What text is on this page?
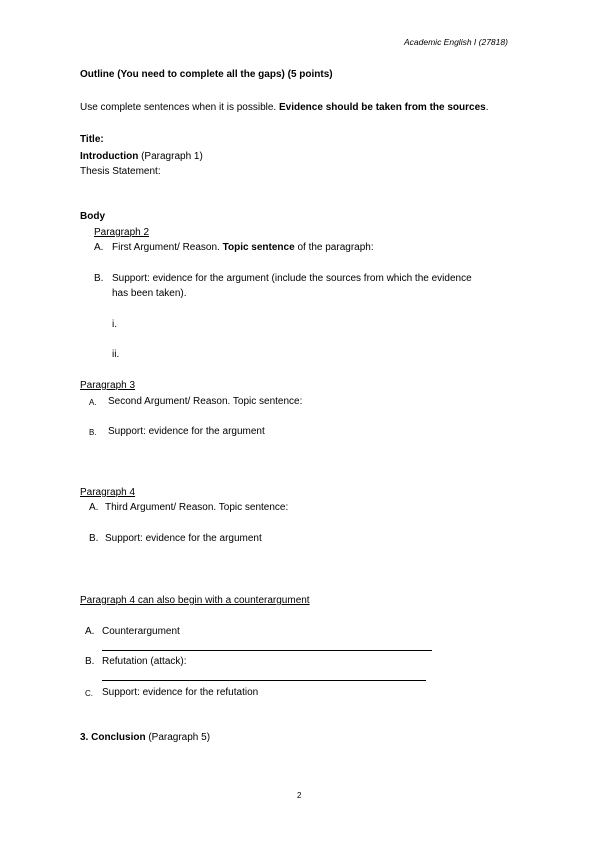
Academic English I (27818)
Outline (You need to complete all the gaps) (5 points)
Use complete sentences when it is possible. Evidence should be taken from the sources.
Title:
Introduction (Paragraph 1)
Thesis Statement:
Body
Paragraph 2
A. First Argument/ Reason. Topic sentence of the paragraph:
B. Support: evidence for the argument (include the sources from which the evidence
has been taken).
i.
ii.
Paragraph 3
A. Second Argument/ Reason. Topic sentence:
B. Support: evidence for the argument
Paragraph 4
A. Third Argument/ Reason. Topic sentence:
B. Support: evidence for the argument
Paragraph 4 can also begin with a counterargument
A. Counterargument
B. Refutation (attack):
C. Support: evidence for the refutation
3. Conclusion (Paragraph 5)
2
